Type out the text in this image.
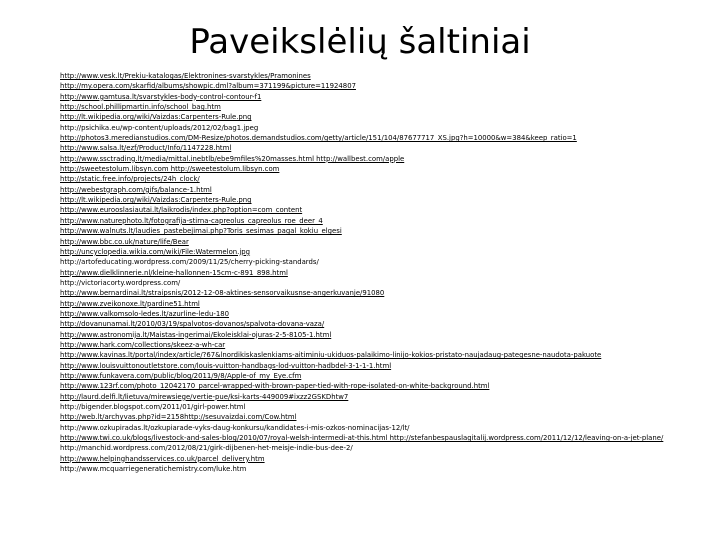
Paveikslėlių šaltiniai
http://www.vesk.lt/Prekiu-katalogas/Elektronines-svarstykles/Pramonines
http://my.opera.com/skarfid/albums/showpic.dml?album=371199&picture=11924807
http://www.gamtusa.lt/svarstykles-body-control-contour-f1
http://school.phillipmartin.info/school_bag.htm
http://lt.wikipedia.org/wiki/Vaizdas:Carpenters-Rule.png
http://psichika.eu/wp-content/uploads/2012/02/bag1.jpeg
http://photos3.meredianstudios.com/DM-Resize/photos.demandstudios.com/getty/article/151/104/87677717_XS.jpg?h=10000&w=384&keep_ratio=1
http://www.salsa.lt/ezf/Product/Info/1147228.html
http://www.ssctrading.lt/media/mittal.inebtlb/ebe9mfiles%20masses.html http://wallbest.com/apple
http://sweetestolum.libsyn.com http://sweetestolum.libsyn.com
http://static.free.info/projects/24h_clock/
http://webestgraph.com/gifs/balance-1.html
http://lt.wikipedia.org/wiki/Vaizdas:Carpenters-Rule.png
http://www.eurooslasiautai.lt/laikrodis/index.php?option=com_content
http://www.naturephoto.lt/fotografija-stirna-capreolus_capreolus_roe_deer_4
http://www.walnuts.lt/laudies_pastebejimai.php?Toris_sesimas_pagal_kokiu_elgesi
http://www.bbc.co.uk/nature/life/Bear
http://uncyclopedia.wikia.com/wiki/File:Watermelon.jpg
http://artofeducating.wordpress.com/2009/11/25/cherry-picking-standards/
http://www.dielklinnerie.nl/kleine-hallonnen-15cm-c-891_898.html
http://victoriacorty.wordpress.com/
http://www.bernardinai.lt/straipsnis/2012-12-08-aktines-sensorvaikusnse-angerkuvanje/91080
http://www.zveikonoxe.lt/pardine51.html
http://www.valkomsolo-ledes.lt/azurline-ledu-180
http://dovanunamai.lt/2010/03/19/spalvotos-dovanos/spalvota-dovana-vaza/
http://www.astronomija.lt/Maistas-ingerimai/Ekoleisklai-ojuras-2-5-8105-1.html
http://www.hark.com/collections/skeez-a-wh-car
http://www.kavinas.lt/portal/index/article/?67&lnordikiskaslenkiams-aitiminiu-ukiduos-palaikimo-linijo-kokios-pristato-naujadaug-pategesne-naudota-pakuote
http://www.louisvuittonoutletstore.com/louis-vuitton-handbags-lod-vuitton-hadbdel-3-1-1-1.html
http://www.funkavera.com/public/blog/2011/9/8/Apple-of_my_Eye.cfm
http://www.123rf.com/photo_12042170_parcel-wrapped-with-brown-paper-tied-with-rope-isolated-on-white-background.html
http://laurd.delfi.lt/lietuva/mirewsiege/vertie-pue/ksi-karts-449009#ixzz2GSKDhtw7
http://bigender.blogspot.com/2011/01/girl-power.html
http://web.lt/archyvas.php?id=2158http://sesuvaizdai.com/Cow.html
http://www.ozkupiradas.lt/ozkupiarade-vyks-daug-konkursu/kandidates-i-mis-ozkos-nominacijas-12/lt/
http://www.twi.co.uk/blogs/livestock-and-sales-blog/2010/07/royal-welsh-intermedi-at-this.html http://stefanbespauslagitalij.wordpress.com/2011/12/12/leaving-on-a-jet-plane/
http://manchid.wordpress.com/2012/08/21/girk-dijbenen-het-meisje-indie-bus-dee-2/
http://www.helpinghandsservices.co.uk/parcel_delivery.htm
http://www.mcquarriegeneratichemistry.com/luke.htm
